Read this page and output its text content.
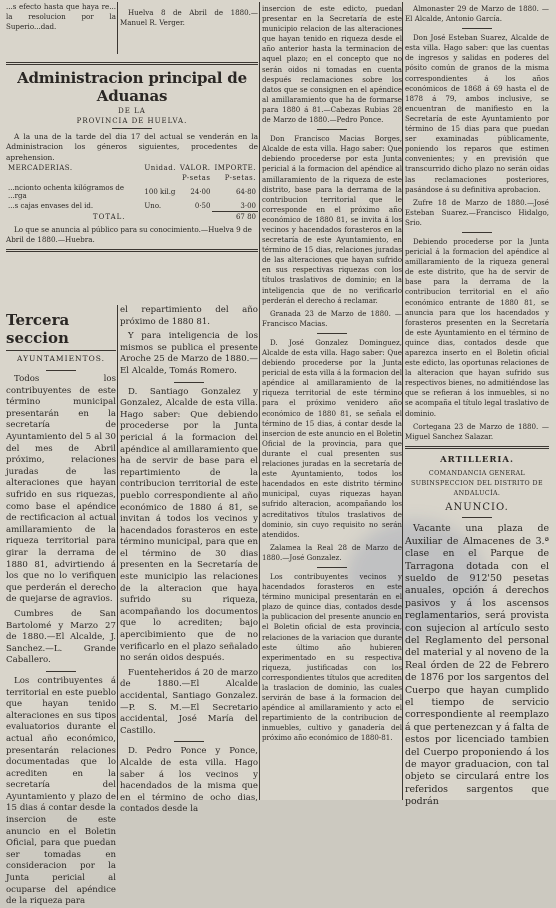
...s efecto hasta que haya re... la resolucion por la Superio...dad.

Huelva 8 de Abril de 1880.— Manuel R. Verger.

Administracion principal de Aduanas
DE LA
PROVINCIA DE HUELVA.

A la una de la tarde del dia 17 del actual se venderán en la Administracion los géneros siguientes, procedentes de aprehension.

MERCADERIAS.	Unidad.	VALOR.	IMPORTE.
		P-setas	P-setas.
...ncionto ochenta kilógramos de ...rga	100 kil.g	24·00	64·80
...s cajas envases del id.	Uno.	0·50	3·00
TOTAL.			67 80

Lo que se anuncia al público para su conocimiento.—Huelva 9 de Abril de 1880.—Huebra.

Tercera seccion
AYUNTAMIENTOS.

Todos los contribuyentes de este término municipal presentarán en la secretaría de Ayuntamiento del 5 al 30 del mes de Abril próximo, relaciones juradas de las alteraciones que hayan sufrido en sus riquezas, como base el apéndice de rectificacion al actual amillaramiento de la riqueza territorial para girar la derrama de 1880 81, advirtiendo á los que no lo verifiquen que perderán el derecho de quejarse de agravios.

Cumbres de San Bartolomé y Marzo 27 de 1880.—El Alcalde, J. Sanchez.—L. Grande Caballero.

Los contribuyentes á territorial en este pueblo que hayan tenido alteraciones en sus tipos evaluatorios durante el actual año económico, presentarán relaciones documentadas que lo acrediten en la secretaría del Ayuntamiento y plazo de 15 dias á contar desde la insercion de este anuncio en el Boletin Oficial, para que puedan ser tomadas en consideracion por la Junta pericial al ocuparse del apéndice de la riqueza para

el repartimiento del año próximo de 1880 81.

Y para inteligencia de los mismos se publica el presente Aroche 25 de Marzo de 1880.—El Alcalde, Tomás Romero.

D. Santiago Gonzalez y Gonzalez, Alcalde de esta villa. Hago saber: Que debiendo procederse por la Junta pericial á la formacion del apéndice al amillaramiento que ha de servir de base para el repartimiento de la contribucion territorial de este pueblo correspondiente al año económico de 1880 á 81, se invitan á todos los vecinos y hacendados forasteros en este término municipal, para que en el término de 30 dias presenten en la Secretaría de este municipio las relaciones de la alteracion que haya sufrido su riqueza, acompañando los documentos que lo acrediten; bajo apercibimiento que de no verificarlo en el plazo señalado no serán oidos después.

Fuenteheridos á 20 de marzo de 1880.—El Alcalde accidental, Santiago Gonzalez.—P. S. M.—El Secretario accidental, José María del Castillo.

D. Pedro Ponce y Ponce, Alcalde de esta villa. Hago saber á los vecinos y hacendados de la misma que en el término de ocho dias, contados desde la

insercion de este edicto, puedan presentar en la Secretaría de este municipio relacion de las alteraciones que hayan tenido en riqueza desde el año anterior hasta la terminacion de aquel plazo; en el concepto que no serán oidos ni tomadas en cuenta después reclamaciones sobre los datos que se consignen en el apéndice al amillaramiento que ha de formarse para 1880 á 81.—Cabezas Rubias 28 de Marzo de 1880.—Pedro Ponce.

Don Francisco Macias Borges, Alcalde de esta villa. Hago saber: Que debiendo procederse por esta Junta pericial á la formacion del apéndice al amillaramiento de la riqueza de este distrito, base para la derrama de la contribucion territorial que le corresponde en el próximo año económico de 1880 81, se invita á los vecinos y hacendados forasteros en la secretaría de este Ayuntamiento, en término de 15 dias, relaciones juradas de las alteraciones que hayan sufrido en sus respectivas riquezas con los títulos traslativos de dominio; en la inteligencia que de no verificarlo perderán el derecho á reclamar.

Granada 23 de Marzo de 1880. —Francisco Macias.

D. José Gonzalez Dominguez, Alcalde de esta villa. Hago saber: Que debiendo procederse por la Junta pericial de esta villa á la formacion del apéndice al amillaramiento de la riqueza territorial de este término para el próximo venidero año económico de 1880 81, se señala el término de 15 dias, á contar desde la insercion de este anuncio en el Boletin Oficial de la provincia, para que durante el cual presenten sus relaciones juradas en la secretaría de este Ayuntamiento, todos los hacendados en este distrito término municipal, cuyas riquezas hayan sufrido alteracion, acompañando los acreditativos títulos traslativos de dominio, sin cuyo requisito no serán atendidos.

Zalamea la Real 28 de Marzo de 1880.—José Gonzalez.

Los contribuyentes vecinos y hacendados forasteros en este término municipal presentarán en el plazo de quince dias, contados desde la publicacion del presente anuncio en el Boletin oficial de esta provincia, relaciones de la variacion que durante este último año hubieren experimentado en su respectiva riqueza, justificadas con los correspondientes títulos que acrediten la traslacion de dominio, las cuales servirán de base á la formacion del apéndice al amillaramiento y acto el repartimiento de la contribucion de inmuebles, cultivo y ganadería del próximo año económico de 1880-81.

Almonaster 29 de Marzo de 1880. —El Alcalde, Antonio García.

Don José Esteban Suarez, Alcalde de esta villa. Hago saber: que las cuentas de ingresos y salidas en poderes del pósito común de granos de la misma correspondientes á los años económicos de 1868 á 69 hasta el de 1878 á 79, ambos inclusive, se encuentran de manifiesto en la Secretaría de este Ayuntamiento por término de 15 dias para que puedan ser examinadas públicamente, poniendo los reparos que estimen convenientes; y en previsión que transcurrido dicho plazo no serán oidas las reclamaciones posteriores, pasándose á su definitiva aprobacion.

Zufre 18 de Marzo de 1880.—José Esteban Suarez.—Francisco Hidalgo, Srio.

Debiendo procederse por la Junta pericial á la formacion del apéndice al amillaramiento de la riqueza general de este distrito, que ha de servir de base para la derrama de la contribucion territorial en el año económico entrante de 1880 81, se anuncia para que los hacendados y forasteros presenten en la Secretaría de este Ayuntamiento en el término de quince dias, contados desde que aparezca inserto en el Boletin oficial este edicto, las oportunas relaciones de la alteracion que hayan sufrido sus respectivos bienes, no admitiéndose las que se refieran á los inmuebles, si no se acompaña el título legal traslativo de dominio.

Cortegana 23 de Marzo de 1880. —Miguel Sanchez Salazar.

ARTILLERIA.
COMANDANCIA GENERAL SUBINSPECCION DEL DISTRITO DE ANDALUCÍA.
ANUNCIO.

Vacante una plaza de Auxiliar de Almacenes de 3.ª clase en el Parque de Tarragona dotada con el sueldo de 912'50 pesetas anuales, opción á derechos pasivos y á los ascensos reglamentarios, será provista con sujecion al artículo sesto del Reglamento del personal del material y al noveno de la Real órden de 22 de Febrero de 1876 por los sargentos del Cuerpo que hayan cumplido el tiempo de servicio correspondiente al reemplazo á que pertenezcan y á falta de estos por licenciado tambien del Cuerpo proponiendo á los de mayor graduacion, con tal objeto se circulará entre los referidos sargentos que podrán
